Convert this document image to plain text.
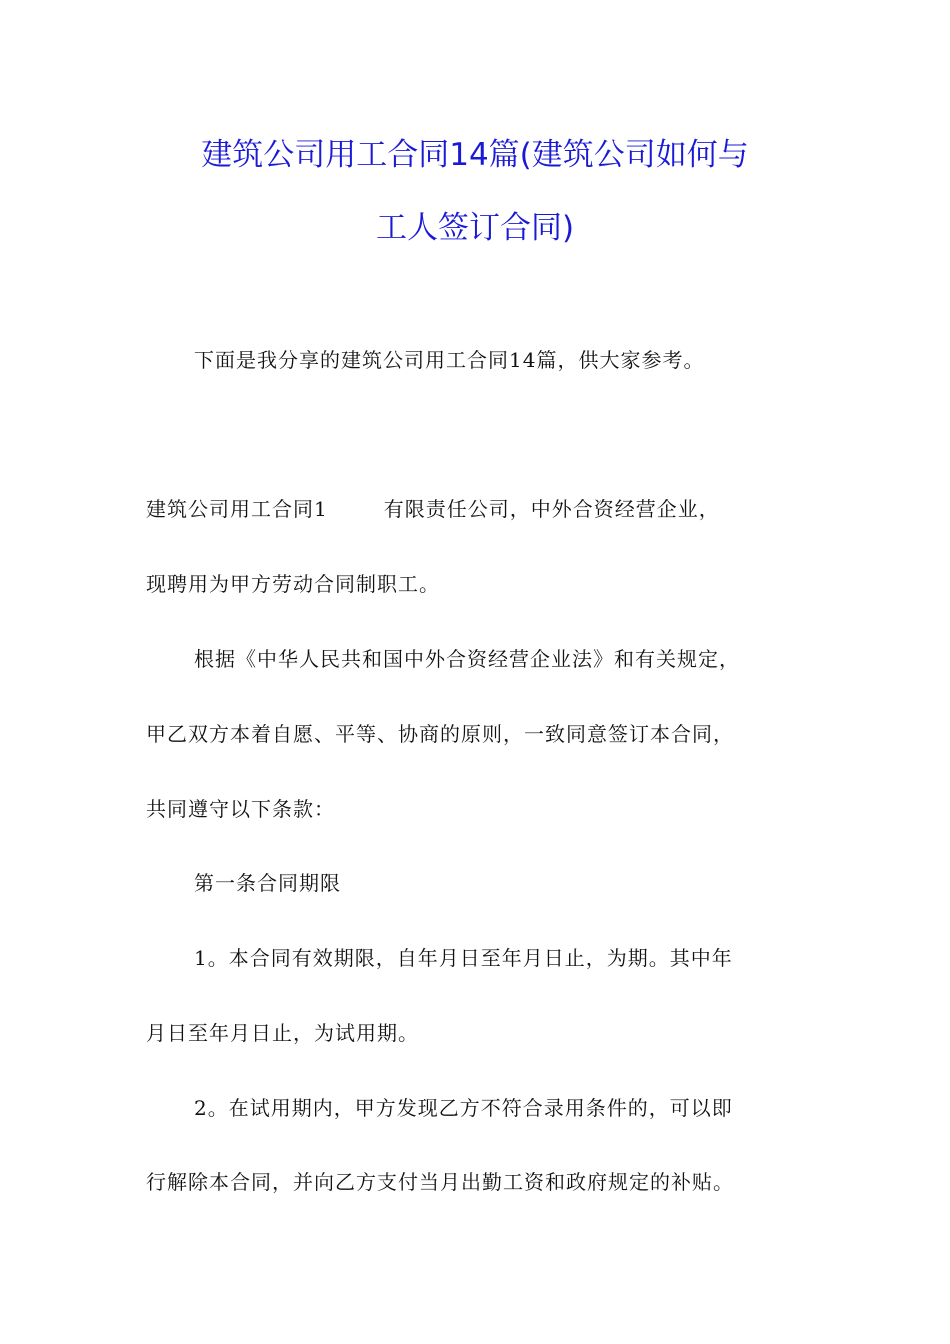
建筑公司用工合同14篇(建筑公司如何与
工人签订合同)
下面是我分享的建筑公司用工合同14篇，供大家参考。
建筑公司用工合同1	有限责任公司，中外合资经营企业，
现聘用为甲方劳动合同制职工。
根据《中华人民共和国中外合资经营企业法》和有关规定，
甲乙双方本着自愿、平等、协商的原则，一致同意签订本合同，
共同遵守以下条款：
第一条合同期限
1。本合同有效期限，自年月日至年月日止，为期。其中年
月日至年月日止，为试用期。
2。在试用期内，甲方发现乙方不符合录用条件的，可以即
行解除本合同，并向乙方支付当月出勤工资和政府规定的补贴。
